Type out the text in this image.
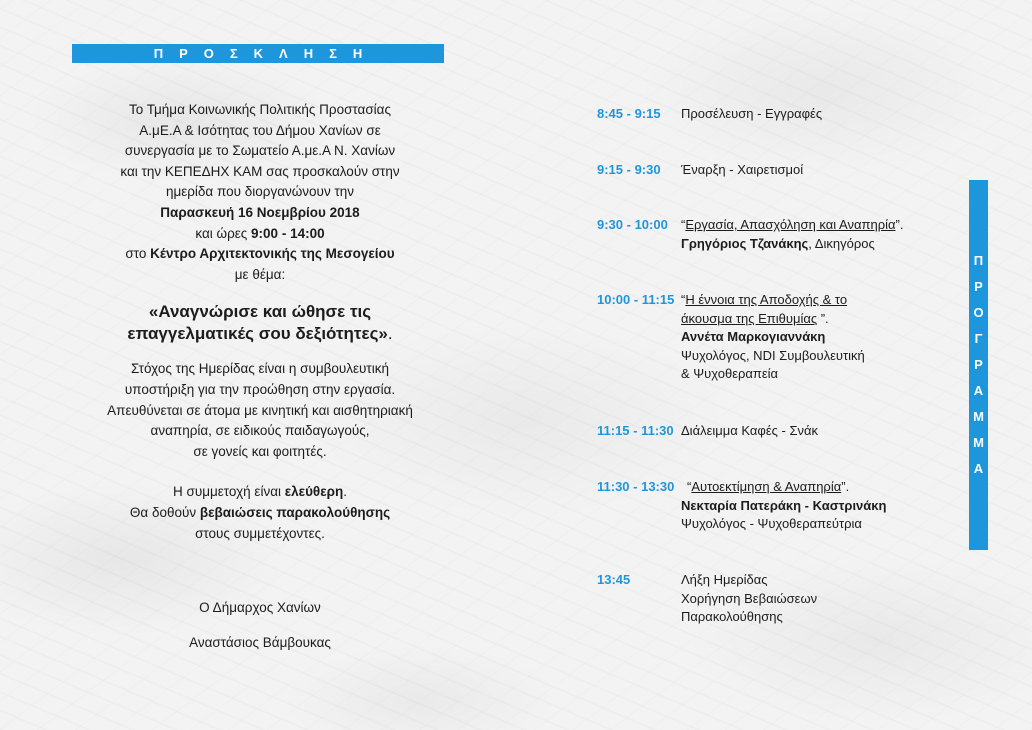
ΠΡΟΣΚΛΗΣΗ
Π
Ρ
Ο
Γ
Ρ
Α
Μ
Μ
Α

Το Τμήμα Κοινωνικής Πολιτικής Προστασίας

Α.μΕ.Α & Ισότητας του Δήμου Χανίων σε

συνεργασία με το Σωματείο Α.με.Α Ν. Χανίων

και την ΚΕΠΕΔΗΧ ΚΑΜ σας προσκαλούν στην

ημερίδα που διοργανώνουν την

Παρασκευή 16 Νοεμβρίου 2018

και ώρες 9:00 - 14:00

στο Κέντρο Αρχιτεκτονικής της Μεσογείου

με θέμα:

«Αναγνώρισε και ώθησε τις

επαγγελματικές σου δεξιότητες».

Στόχος της Ημερίδας είναι η συμβουλευτική

υποστήριξη για την προώθηση στην εργασία.

Απευθύνεται σε άτομα με κινητική και αισθητηριακή

αναπηρία, σε ειδικούς παιδαγωγούς,

σε γονείς και φοιτητές.

Η συμμετοχή είναι ελεύθερη.

Θα δοθούν βεβαιώσεις παρακολούθησης

στους συμμετέχοντες.

Ο Δήμαρχος Χανίων

Αναστάσιος Βάμβουκας

8:45 - 9:15 Προσέλευση - Εγγραφές
9:15 - 9:30 Έναρξη - Χαιρετισμοί
9:30 - 10:00 “Εργασία, Απασχόληση και Αναπηρία”.
Γρηγόριος Τζανάκης, Δικηγόρος
10:00 - 11:15 “Η έννοια της Αποδοχής & το
άκουσμα της Επιθυμίας ”.
Αννέτα Μαρκογιαννάκη
Ψυχολόγος, NDI Συμβουλευτική
& Ψυχοθεραπεία
11:15 - 11:30 Διάλειμμα Καφές - Σνάκ
11:30 - 13:30 “Αυτοεκτίμηση & Αναπηρία”.
Νεκταρία Πατεράκη - Καστρινάκη
Ψυχολόγος - Ψυχοθεραπεύτρια
13:45	Λήξη Ημερίδας
Χορήγηση Βεβαιώσεων
Παρακολούθησης
